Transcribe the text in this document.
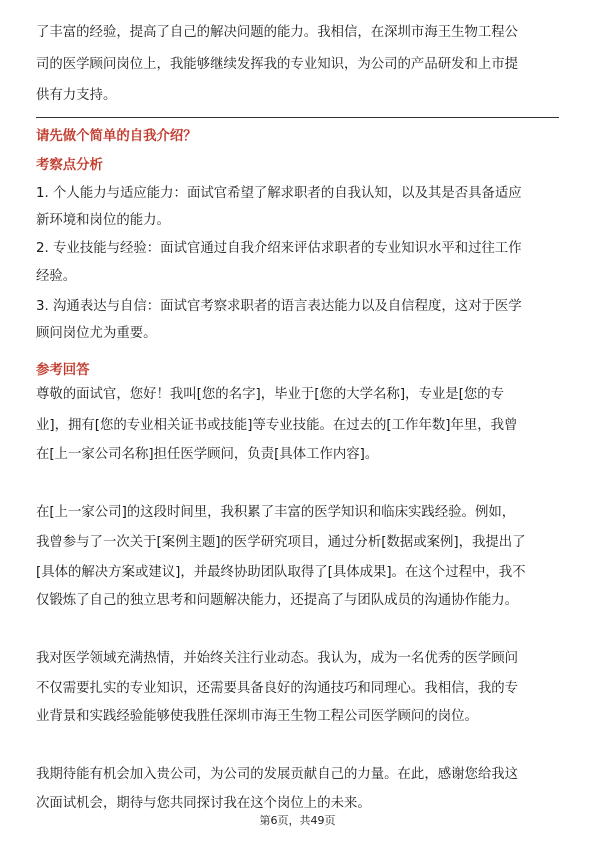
了丰富的经验，提高了自己的解决问题的能力。我相信，在深圳市海王生物工程公
司的医学顾问岗位上，我能够继续发挥我的专业知识，为公司的产品研发和上市提
供有力支持。
请先做个简单的自我介绍？
考察点分析
1. 个人能力与适应能力：面试官希望了解求职者的自我认知，以及其是否具备适应
新环境和岗位的能力。
2. 专业技能与经验：面试官通过自我介绍来评估求职者的专业知识水平和过往工作
经验。
3. 沟通表达与自信：面试官考察求职者的语言表达能力以及自信程度，这对于医学
顾问岗位尤为重要。
参考回答
尊敬的面试官，您好！我叫[您的名字]，毕业于[您的大学名称]，专业是[您的专
业]，拥有[您的专业相关证书或技能]等专业技能。在过去的[工作年数]年里，我曾
在[上一家公司名称]担任医学顾问，负责[具体工作内容]。
在[上一家公司]的这段时间里，我积累了丰富的医学知识和临床实践经验。例如，
我曾参与了一次关于[案例主题]的医学研究项目，通过分析[数据或案例]，我提出了
[具体的解决方案或建议]，并最终协助团队取得了[具体成果]。在这个过程中，我不
仅锻炼了自己的独立思考和问题解决能力，还提高了与团队成员的沟通协作能力。
我对医学领域充满热情，并始终关注行业动态。我认为，成为一名优秀的医学顾问
不仅需要扎实的专业知识，还需要具备良好的沟通技巧和同理心。我相信，我的专
业背景和实践经验能够使我胜任深圳市海王生物工程公司医学顾问的岗位。
我期待能有机会加入贵公司，为公司的发展贡献自己的力量。在此，感谢您给我这
次面试机会，期待与您共同探讨我在这个岗位上的未来。
第6页，共49页
